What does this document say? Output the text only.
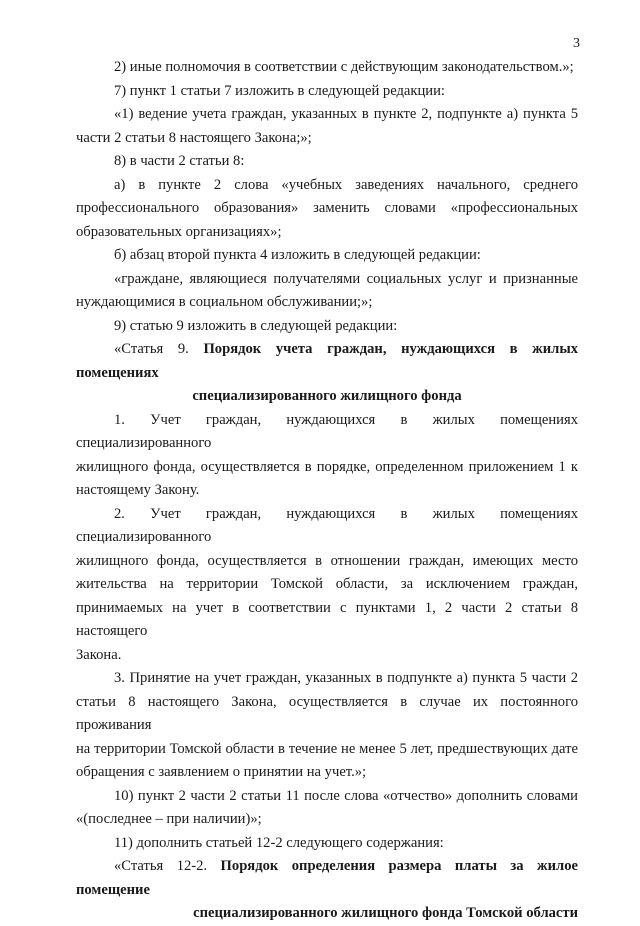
3

2) иные полномочия в соответствии с действующим законодательством.»;

7) пункт 1 статьи 7 изложить в следующей редакции:

«1) ведение учета граждан, указанных в пункте 2, подпункте а) пункта 5

части 2 статьи 8 настоящего Закона;»;

8) в части 2 статьи 8:

а) в пункте 2 слова «учебных заведениях начального, среднего

профессионального образования» заменить словами «профессиональных

образовательных организациях»;

б) абзац второй пункта 4 изложить в следующей редакции:

«граждане, являющиеся получателями социальных услуг и признанные

нуждающимися в социальном обслуживании;»;

9) статью 9 изложить в следующей редакции:

«Статья 9. Порядок учета граждан, нуждающихся в жилых помещениях

специализированного жилищного фонда

1. Учет граждан, нуждающихся в жилых помещениях специализированного

жилищного фонда, осуществляется в порядке, определенном приложением 1 к

настоящему Закону.

2. Учет граждан, нуждающихся в жилых помещениях специализированного

жилищного фонда, осуществляется в отношении граждан, имеющих место

жительства на территории Томской области, за исключением граждан,

принимаемых на учет в соответствии с пунктами 1, 2 части 2 статьи 8 настоящего

Закона.

3. Принятие на учет граждан, указанных в подпункте а) пункта 5 части 2

статьи 8 настоящего Закона, осуществляется в случае их постоянного проживания

на территории Томской области в течение не менее 5 лет, предшествующих дате

обращения с заявлением о принятии на учет.»;

10) пункт 2 части 2 статьи 11 после слова «отчество» дополнить словами

«(последнее – при наличии)»;

11) дополнить статьей 12-2 следующего содержания:

«Статья 12-2. Порядок определения размера платы за жилое помещение

специализированного жилищного фонда Томской области
